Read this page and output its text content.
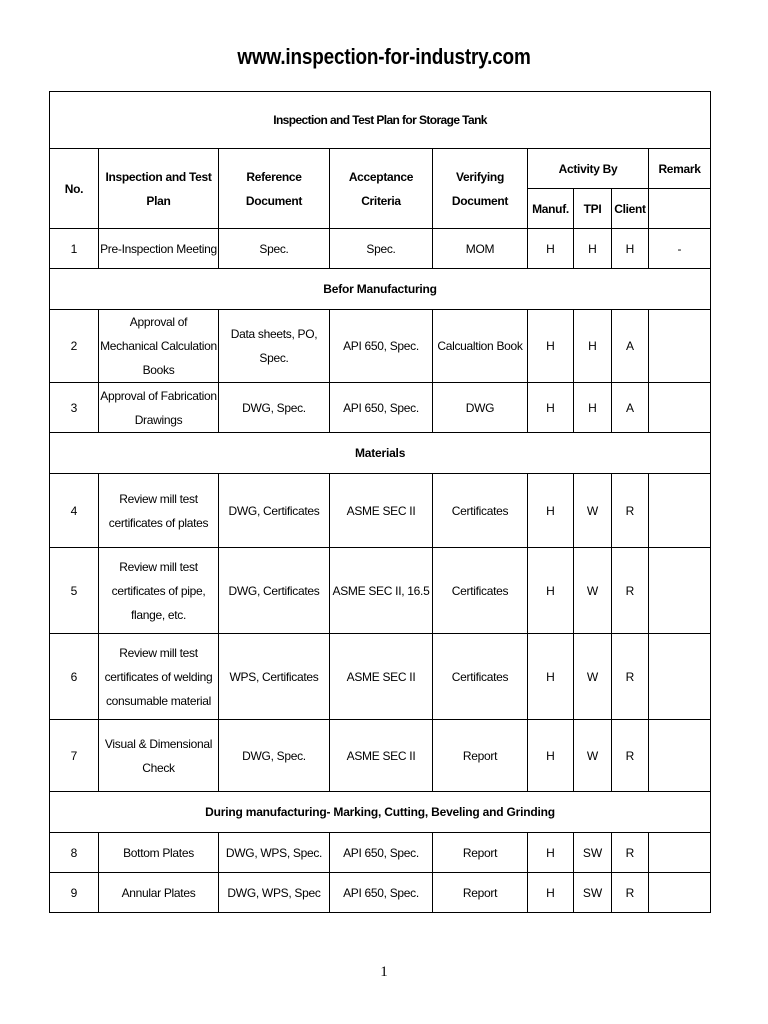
www.inspection-for-industry.com
Inspection and Test Plan for Storage Tank								
No.	Inspection and Test Plan	Reference Document	Acceptance Criteria	Verifying Document	Activity By			Remark
					Manuf.	TPI	Client	
1	Pre-Inspection Meeting	Spec.	Spec.	MOM	H	H	H	-
Befor Manufacturing								
2	Approval of Mechanical Calculation Books	Data sheets, PO, Spec.	API 650, Spec.	Calcualtion Book	H	H	A	
3	Approval of Fabrication Drawings	DWG, Spec.	API 650, Spec.	DWG	H	H	A	
Materials								
4	Review mill test certificates of plates	DWG, Certificates	ASME SEC II	Certificates	H	W	R	
5	Review mill test certificates of pipe, flange, etc.	DWG, Certificates	ASME SEC II, 16.5	Certificates	H	W	R	
6	Review mill test certificates of welding consumable material	WPS, Certificates	ASME SEC II	Certificates	H	W	R	
7	Visual & Dimensional Check	DWG, Spec.	ASME SEC II	Report	H	W	R	
During manufacturing- Marking, Cutting, Beveling and Grinding								
8	Bottom Plates	DWG, WPS, Spec.	API 650, Spec.	Report	H	SW	R	
9	Annular Plates	DWG, WPS, Spec	API 650, Spec.	Report	H	SW	R	
1
